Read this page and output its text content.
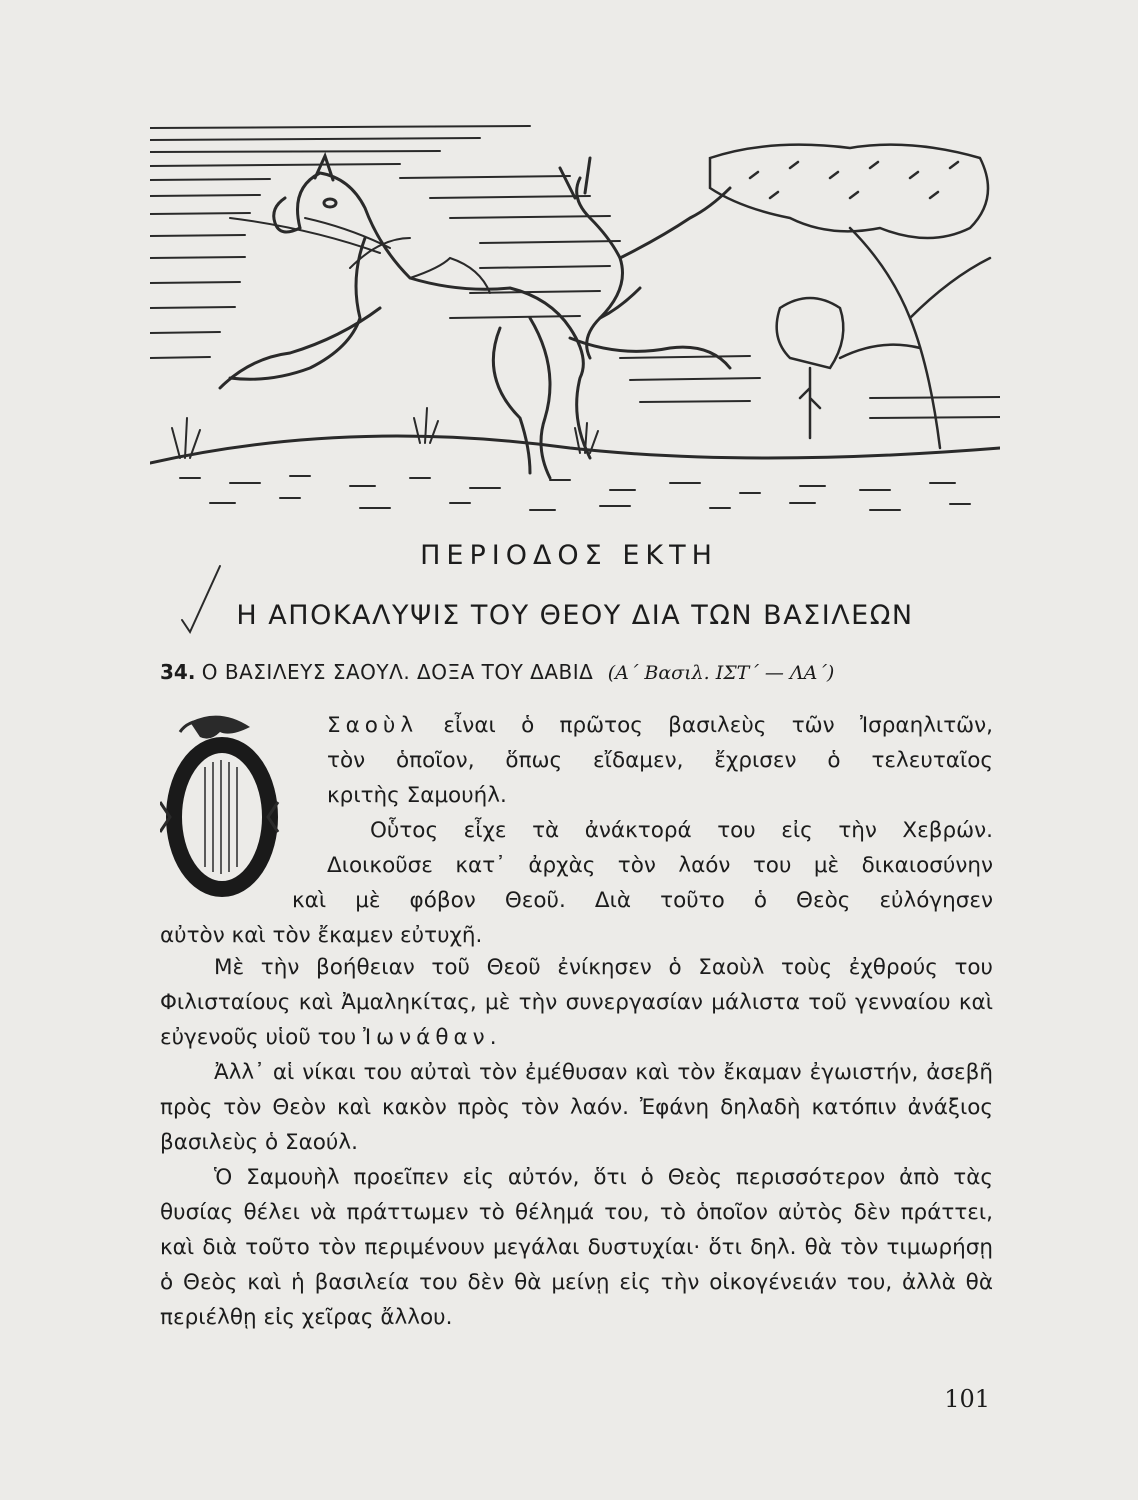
ΠΕΡΙΟΔΟΣ ΕΚΤΗ
Η ΑΠΟΚΑΛΥΨΙΣ ΤΟΥ ΘΕΟΥ ΔΙΑ ΤΩΝ ΒΑΣΙΛΕΩΝ
34. Ο ΒΑΣΙΛΕΥΣ ΣΑΟΥΛ. ΔΟΞΑ ΤΟΥ ΔΑΒΙΔ (Α΄ Βασιλ. ΙΣΤ΄ — ΛΑ΄)
Ο
Σαοὺλ εἶναι ὁ πρῶτος βασιλεὺς τῶν Ἰσραηλιτῶν,
τὸν ὁποῖον, ὅπως εἴδαμεν, ἔχρισεν ὁ τελευταῖος
κριτὴς Σαμουήλ.
Οὗτος εἶχε τὰ ἀνάκτορά του εἰς τὴν Χεβρών.
Διοικοῦσε κατ᾽ ἀρχὰς τὸν λαόν του μὲ δικαιοσύνην
καὶ μὲ φόβον Θεοῦ. Διὰ τοῦτο ὁ Θεὸς εὐλόγησεν
αὐτὸν καὶ τὸν ἔκαμεν εὐτυχῆ.
Μὲ τὴν βοήθειαν τοῦ Θεοῦ ἐνίκησεν ὁ Σαοὺλ τοὺς ἐχθρούς του Φιλισταίους καὶ Ἀμαληκίτας, μὲ τὴν συνεργασίαν μάλιστα τοῦ γενναίου καὶ εὐγενοῦς υἱοῦ του Ἰωνάθαν.
Ἀλλ᾽ αἱ νίκαι του αὐταὶ τὸν ἐμέθυσαν καὶ τὸν ἔκαμαν ἐγωιστήν, ἀσεβῆ πρὸς τὸν Θεὸν καὶ κακὸν πρὸς τὸν λαόν. Ἐφάνη δηλαδὴ κατόπιν ἀνάξιος βασιλεὺς ὁ Σαούλ.
Ὁ Σαμουὴλ προεῖπεν εἰς αὐτόν, ὅτι ὁ Θεὸς περισσότερον ἀπὸ τὰς θυσίας θέλει νὰ πράττωμεν τὸ θέλημά του, τὸ ὁποῖον αὐτὸς δὲν πράττει, καὶ διὰ τοῦτο τὸν περιμένουν μεγάλαι δυστυχίαι· ὅτι δηλ. θὰ τὸν τιμωρήσῃ ὁ Θεὸς καὶ ἡ βασιλεία του δὲν θὰ μείνῃ εἰς τὴν οἰκογένειάν του, ἀλλὰ θὰ περιέλθῃ εἰς χεῖρας ἄλλου.
101
